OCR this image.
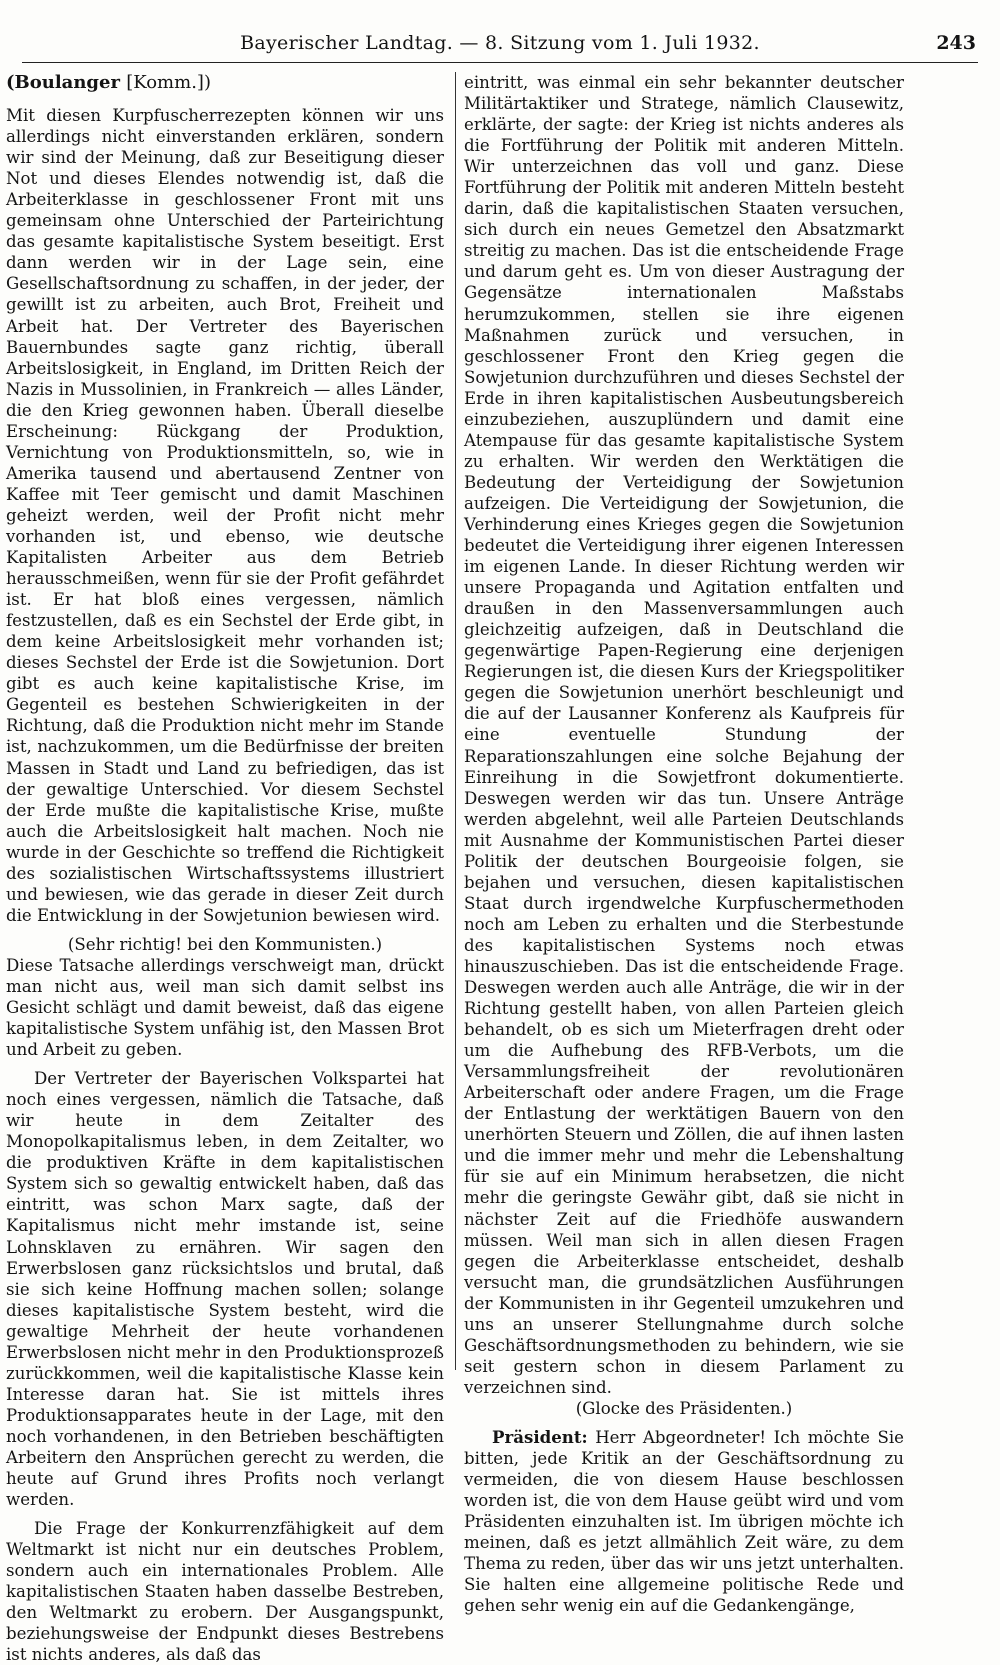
Bayerischer Landtag. — 8. Sitzung vom 1. Juli 1932.	243

(Boulanger [Komm.])

Mit diesen Kurpfuscherrezepten können wir uns allerdings nicht einverstanden erklären, sondern wir sind der Meinung, daß zur Beseitigung dieser Not und dieses Elendes notwendig ist, daß die Arbeiterklasse in geschlossener Front mit uns gemeinsam ohne Unterschied der Parteirichtung das gesamte kapitalistische System beseitigt. Erst dann werden wir in der Lage sein, eine Gesellschaftsordnung zu schaffen, in der jeder, der gewillt ist zu arbeiten, auch Brot, Freiheit und Arbeit hat. Der Vertreter des Bayerischen Bauernbundes sagte ganz richtig, überall Arbeitslosigkeit, in England, im Dritten Reich der Nazis in Mussolinien, in Frankreich — alles Länder, die den Krieg gewonnen haben. Überall dieselbe Erscheinung: Rückgang der Produktion, Vernichtung von Produktionsmitteln, so, wie in Amerika tausend und abertausend Zentner von Kaffee mit Teer gemischt und damit Maschinen geheizt werden, weil der Profit nicht mehr vorhanden ist, und ebenso, wie deutsche Kapitalisten Arbeiter aus dem Betrieb herausschmeißen, wenn für sie der Profit gefährdet ist. Er hat bloß eines vergessen, nämlich festzustellen, daß es ein Sechstel der Erde gibt, in dem keine Arbeitslosigkeit mehr vorhanden ist; dieses Sechstel der Erde ist die Sowjetunion. Dort gibt es auch keine kapitalistische Krise, im Gegenteil es bestehen Schwierigkeiten in der Richtung, daß die Produktion nicht mehr im Stande ist, nachzukommen, um die Bedürfnisse der breiten Massen in Stadt und Land zu befriedigen, das ist der gewaltige Unterschied. Vor diesem Sechstel der Erde mußte die kapitalistische Krise, mußte auch die Arbeitslosigkeit halt machen. Noch nie wurde in der Geschichte so treffend die Richtigkeit des sozialistischen Wirtschaftssystems illustriert und bewiesen, wie das gerade in dieser Zeit durch die Entwicklung in der Sowjetunion bewiesen wird.

(Sehr richtig! bei den Kommunisten.)

Diese Tatsache allerdings verschweigt man, drückt man nicht aus, weil man sich damit selbst ins Gesicht schlägt und damit beweist, daß das eigene kapitalistische System unfähig ist, den Massen Brot und Arbeit zu geben.

Der Vertreter der Bayerischen Volkspartei hat noch eines vergessen, nämlich die Tatsache, daß wir heute in dem Zeitalter des Monopolkapitalismus leben, in dem Zeitalter, wo die produktiven Kräfte in dem kapitalistischen System sich so gewaltig entwickelt haben, daß das eintritt, was schon Marx sagte, daß der Kapitalismus nicht mehr imstande ist, seine Lohnsklaven zu ernähren. Wir sagen den Erwerbslosen ganz rücksichtslos und brutal, daß sie sich keine Hoffnung machen sollen; solange dieses kapitalistische System besteht, wird die gewaltige Mehrheit der heute vorhandenen Erwerbslosen nicht mehr in den Produktionsprozeß zurückkommen, weil die kapitalistische Klasse kein Interesse daran hat. Sie ist mittels ihres Produktionsapparates heute in der Lage, mit den noch vorhandenen, in den Betrieben beschäftigten Arbeitern den Ansprüchen gerecht zu werden, die heute auf Grund ihres Profits noch verlangt werden.

Die Frage der Konkurrenzfähigkeit auf dem Weltmarkt ist nicht nur ein deutsches Problem, sondern auch ein internationales Problem. Alle kapitalistischen Staaten haben dasselbe Bestreben, den Weltmarkt zu erobern. Der Ausgangspunkt, beziehungsweise der Endpunkt dieses Bestrebens ist nichts anderes, als daß das

eintritt, was einmal ein sehr bekannter deutscher Militärtaktiker und Stratege, nämlich Clausewitz, erklärte, der sagte: der Krieg ist nichts anderes als die Fortführung der Politik mit anderen Mitteln. Wir unterzeichnen das voll und ganz. Diese Fortführung der Politik mit anderen Mitteln besteht darin, daß die kapitalistischen Staaten versuchen, sich durch ein neues Gemetzel den Absatzmarkt streitig zu machen. Das ist die entscheidende Frage und darum geht es. Um von dieser Austragung der Gegensätze internationalen Maßstabs herumzukommen, stellen sie ihre eigenen Maßnahmen zurück und versuchen, in geschlossener Front den Krieg gegen die Sowjetunion durchzuführen und dieses Sechstel der Erde in ihren kapitalistischen Ausbeutungsbereich einzubeziehen, auszuplündern und damit eine Atempause für das gesamte kapitalistische System zu erhalten. Wir werden den Werktätigen die Bedeutung der Verteidigung der Sowjetunion aufzeigen. Die Verteidigung der Sowjetunion, die Verhinderung eines Krieges gegen die Sowjetunion bedeutet die Verteidigung ihrer eigenen Interessen im eigenen Lande. In dieser Richtung werden wir unsere Propaganda und Agitation entfalten und draußen in den Massenversammlungen auch gleichzeitig aufzeigen, daß in Deutschland die gegenwärtige Papen-Regierung eine derjenigen Regierungen ist, die diesen Kurs der Kriegspolitiker gegen die Sowjetunion unerhört beschleunigt und die auf der Lausanner Konferenz als Kaufpreis für eine eventuelle Stundung der Reparationszahlungen eine solche Bejahung der Einreihung in die Sowjetfront dokumentierte. Deswegen werden wir das tun. Unsere Anträge werden abgelehnt, weil alle Parteien Deutschlands mit Ausnahme der Kommunistischen Partei dieser Politik der deutschen Bourgeoisie folgen, sie bejahen und versuchen, diesen kapitalistischen Staat durch irgendwelche Kurpfuschermethoden noch am Leben zu erhalten und die Sterbestunde des kapitalistischen Systems noch etwas hinauszuschieben. Das ist die entscheidende Frage. Deswegen werden auch alle Anträge, die wir in der Richtung gestellt haben, von allen Parteien gleich behandelt, ob es sich um Mieterfragen dreht oder um die Aufhebung des RFB-Verbots, um die Versammlungsfreiheit der revolutionären Arbeiterschaft oder andere Fragen, um die Frage der Entlastung der werktätigen Bauern von den unerhörten Steuern und Zöllen, die auf ihnen lasten und die immer mehr und mehr die Lebenshaltung für sie auf ein Minimum herabsetzen, die nicht mehr die geringste Gewähr gibt, daß sie nicht in nächster Zeit auf die Friedhöfe auswandern müssen. Weil man sich in allen diesen Fragen gegen die Arbeiterklasse entscheidet, deshalb versucht man, die grundsätzlichen Ausführungen der Kommunisten in ihr Gegenteil umzukehren und uns an unserer Stellungnahme durch solche Geschäftsordnungsmethoden zu behindern, wie sie seit gestern schon in diesem Parlament zu verzeichnen sind.

(Glocke des Präsidenten.)

Präsident: Herr Abgeordneter! Ich möchte Sie bitten, jede Kritik an der Geschäftsordnung zu vermeiden, die von diesem Hause beschlossen worden ist, die von dem Hause geübt wird und vom Präsidenten einzuhalten ist. Im übrigen möchte ich meinen, daß es jetzt allmählich Zeit wäre, zu dem Thema zu reden, über das wir uns jetzt unterhalten. Sie halten eine allgemeine politische Rede und gehen sehr wenig ein auf die Gedankengänge,
